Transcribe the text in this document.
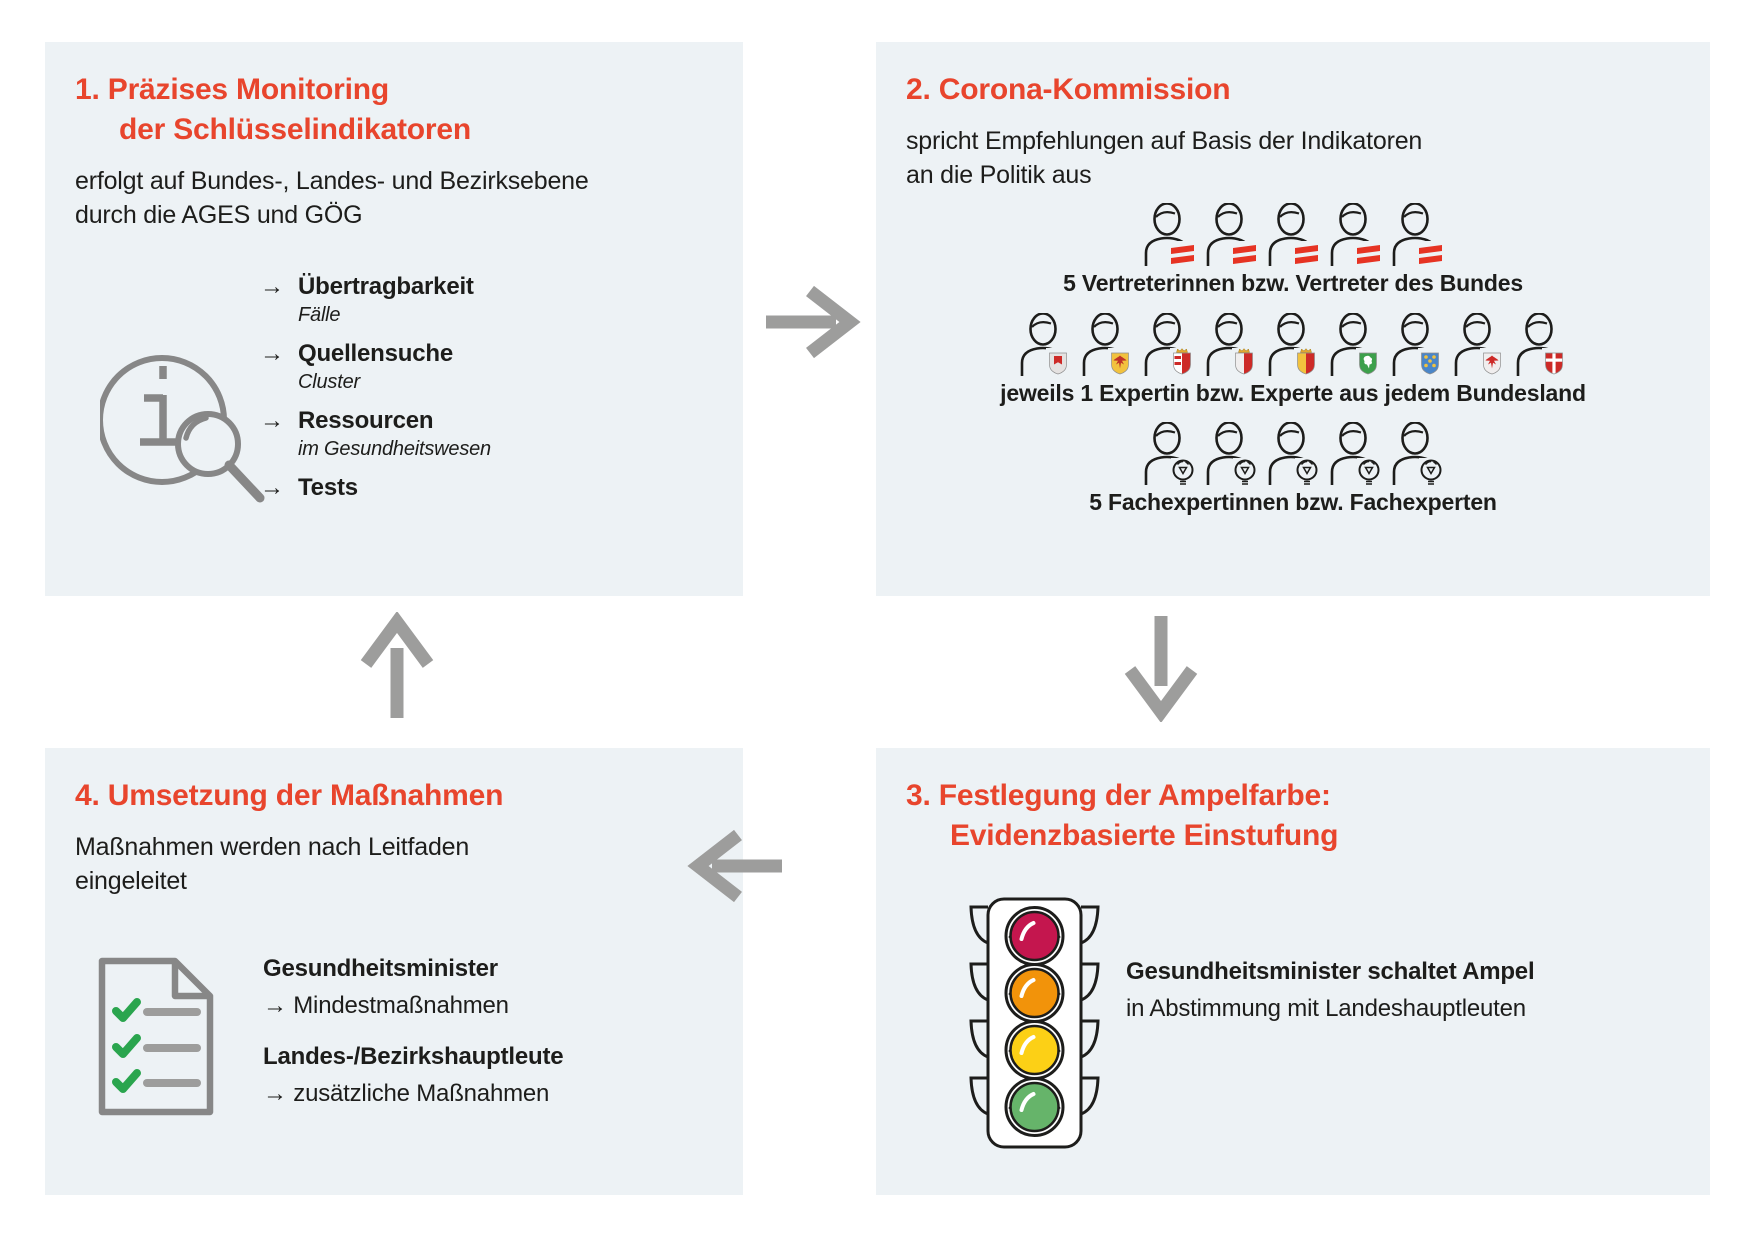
1. Präzises Monitoring
der Schlüsselindikatoren

erfolgt auf Bundes-, Landes- und Bezirksebene
durch die AGES und GÖG

→ Übertragbarkeit
Fälle
→ Quellensuche
Cluster
→ Ressourcen
im Gesundheitswesen
→ Tests
2. Corona-Kommission

spricht Empfehlungen auf Basis der Indikatoren
an die Politik aus

5 Vertreterinnen bzw. Vertreter des Bundes
jeweils 1 Expertin bzw. Experte aus jedem Bundesland
5 Fachexpertinnen bzw. Fachexperten
3. Festlegung der Ampelfarbe:
Evidenzbasierte Einstufung
Gesundheitsminister schaltet Ampel
in Abstimmung mit Landeshauptleuten
4. Umsetzung der Maßnahmen

Maßnahmen werden nach Leitfaden
eingeleitet

Gesundheitsminister
→ Mindestmaßnahmen
Landes-/Bezirkshauptleute
→ zusätzliche Maßnahmen
